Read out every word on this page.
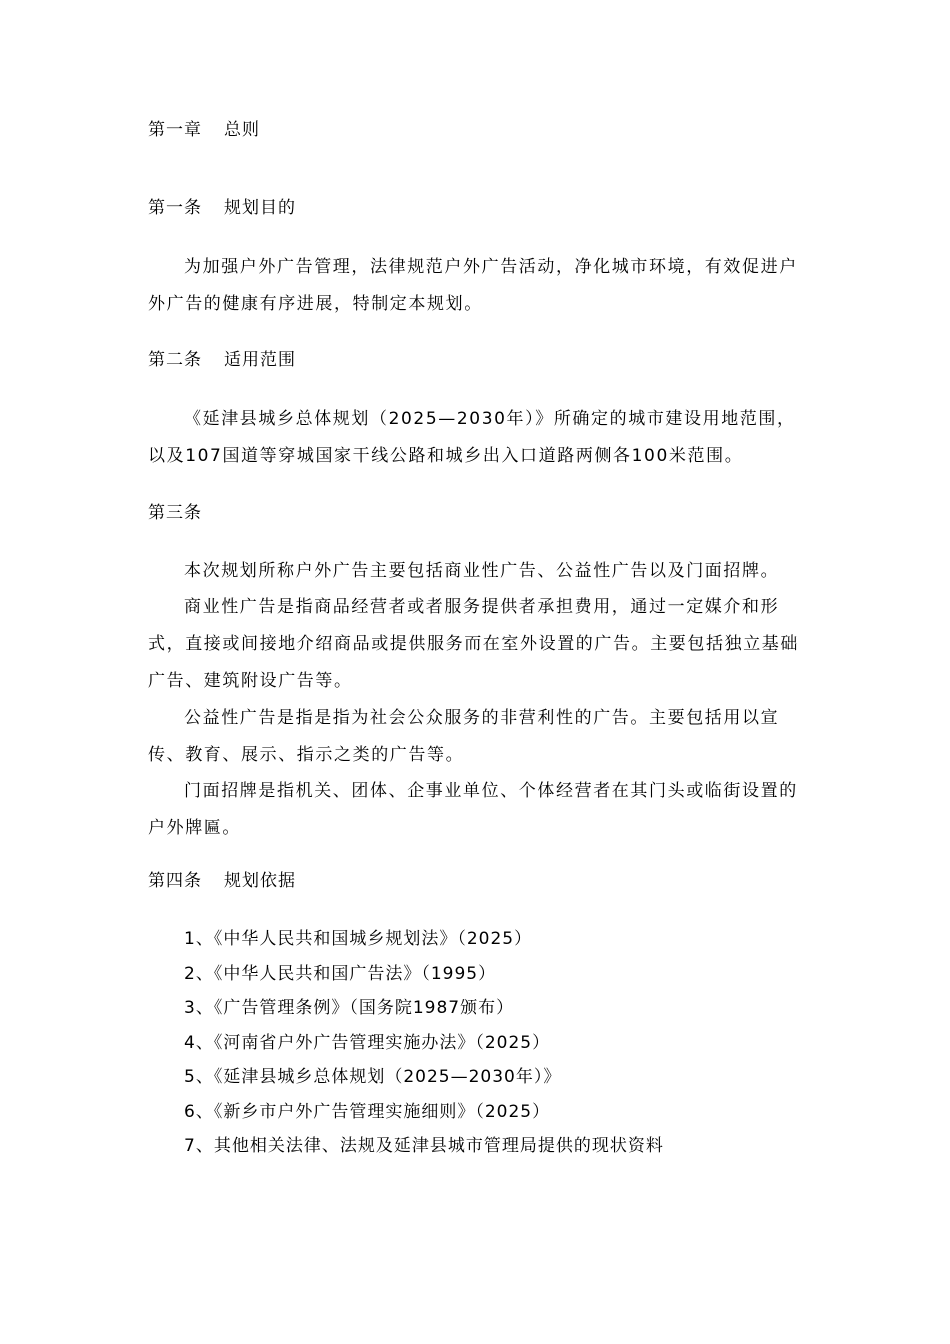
第一章 总则
第一条 规划目的

为加强户外广告管理，法律规范户外广告活动，净化城市环境，有效促进户外广告的健康有序进展，特制定本规划。

第二条 适用范围

《延津县城乡总体规划（2025—2030年）》所确定的城市建设用地范围，以及107国道等穿城国家干线公路和城乡出入口道路两侧各100米范围。

第三条

本次规划所称户外广告主要包括商业性广告、公益性广告以及门面招牌。

商业性广告是指商品经营者或者服务提供者承担费用，通过一定媒介和形式，直接或间接地介绍商品或提供服务而在室外设置的广告。主要包括独立基础广告、建筑附设广告等。

公益性广告是指是指为社会公众服务的非营利性的广告。主要包括用以宣传、教育、展示、指示之类的广告等。

门面招牌是指机关、团体、企事业单位、个体经营者在其门头或临街设置的户外牌匾。

第四条 规划依据
1、《中华人民共和国城乡规划法》（2025）
2、《中华人民共和国广告法》（1995）
3、《广告管理条例》（国务院1987颁布）
4、《河南省户外广告管理实施办法》（2025）
5、《延津县城乡总体规划（2025—2030年）》
6、《新乡市户外广告管理实施细则》（2025）
7、其他相关法律、法规及延津县城市管理局提供的现状资料
